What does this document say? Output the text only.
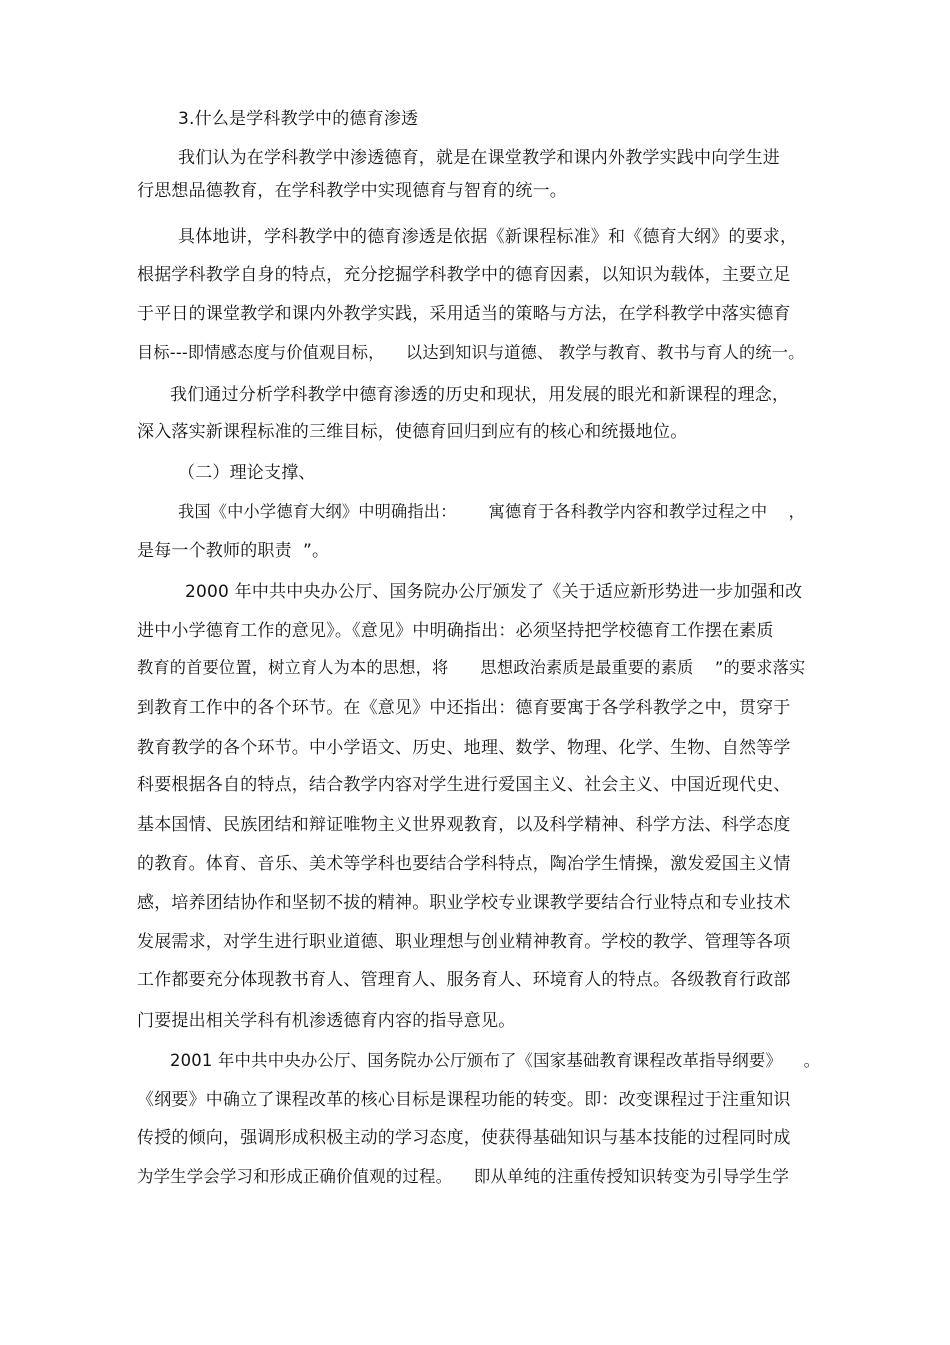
3.什么是学科教学中的德育渗透
我们认为在学科教学中渗透德育，就是在课堂教学和课内外教学实践中向学生进
行思想品德教育，在学科教学中实现德育与智育的统一。
具体地讲，学科教学中的德育渗透是依据《新课程标准》和《德育大纲》的要求，
根据学科教学自身的特点，充分挖掘学科教学中的德育因素，以知识为载体，主要立足
于平日的课堂教学和课内外教学实践，采用适当的策略与方法，在学科教学中落实德育
目标---即情感态度与价值观目标，    以达到知识与道德、 教学与教育、教书与育人的统一。
我们通过分析学科教学中德育渗透的历史和现状，用发展的眼光和新课程的理念，
深入落实新课程标准的三维目标，使德育回归到应有的核心和统摄地位。
（二）理论支撑、
我国《中小学德育大纲》中明确指出：      寓德育于各科教学内容和教学过程之中    ，
是每一个教师的职责  ”。
2000 年中共中央办公厅、国务院办公厅颁发了《关于适应新形势进一步加强和改
进中小学德育工作的意见》。《意见》中明确指出：必须坚持把学校德育工作摆在素质
教育的首要位置，树立育人为本的思想，将      思想政治素质是最重要的素质    ”的要求落实
到教育工作中的各个环节。在《意见》中还指出：德育要寓于各学科教学之中，贯穿于
教育教学的各个环节。中小学语文、历史、地理、数学、物理、化学、生物、自然等学
科要根据各自的特点，结合教学内容对学生进行爱国主义、社会主义、中国近现代史、
基本国情、民族团结和辩证唯物主义世界观教育，以及科学精神、科学方法、科学态度
的教育。体育、音乐、美术等学科也要结合学科特点，陶冶学生情操，激发爱国主义情
感，培养团结协作和坚韧不拔的精神。职业学校专业课教学要结合行业特点和专业技术
发展需求，对学生进行职业道德、职业理想与创业精神教育。学校的教学、管理等各项
工作都要充分体现教书育人、管理育人、服务育人、环境育人的特点。各级教育行政部
门要提出相关学科有机渗透德育内容的指导意见。
2001 年中共中央办公厅、国务院办公厅颁布了《国家基础教育课程改革指导纲要》    。
《纲要》中确立了课程改革的核心目标是课程功能的转变。即：改变课程过于注重知识
传授的倾向，强调形成积极主动的学习态度，使获得基础知识与基本技能的过程同时成
为学生学会学习和形成正确价值观的过程。    即从单纯的注重传授知识转变为引导学生学
